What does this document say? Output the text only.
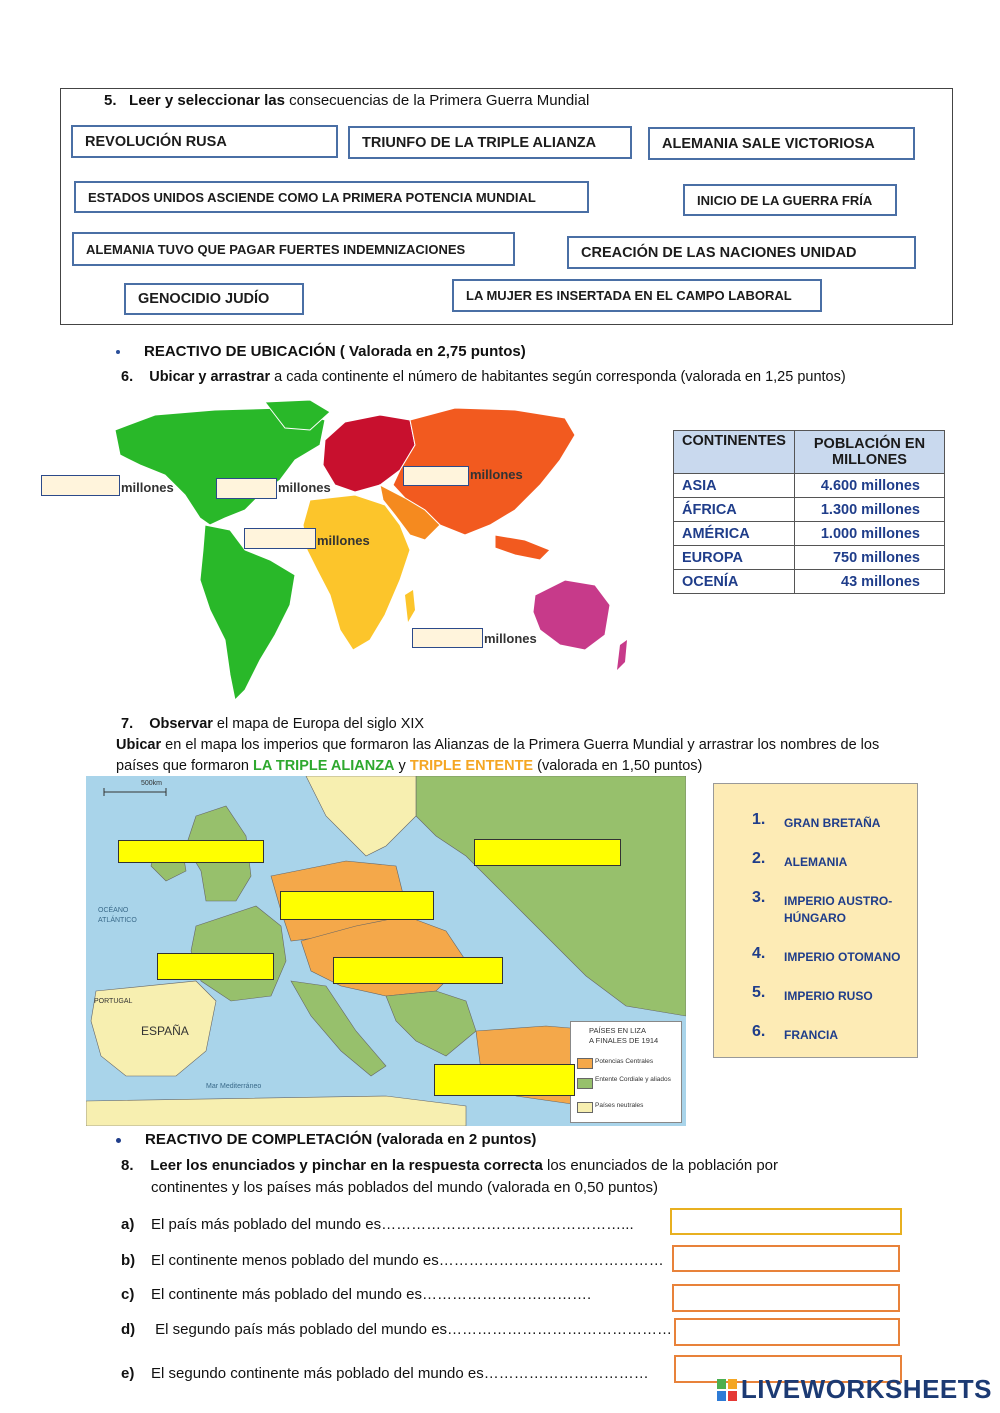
5. Leer y seleccionar las consecuencias de la Primera Guerra Mundial
REVOLUCIÓN RUSA	TRIUNFO DE LA TRIPLE ALIANZA	ALEMANIA SALE VICTORIOSA
ESTADOS UNIDOS ASCIENDE COMO LA PRIMERA POTENCIA MUNDIAL	INICIO DE LA GUERRA FRÍA
ALEMANIA TUVO QUE PAGAR FUERTES INDEMNIZACIONES	CREACIÓN DE LAS NACIONES UNIDAD
GENOCIDIO JUDÍO	LA MUJER ES INSERTADA EN EL CAMPO LABORAL
REACTIVO DE UBICACIÓN ( Valorada en 2,75 puntos)
6. Ubicar y arrastrar a cada continente el número de habitantes según corresponda (valorada en 1,25 puntos)
millones	millones
millones
millones
millones
CONTINENTES	POBLACIÓN EN MILLONES
ASIA	4.600 millones
ÁFRICA	1.300 millones
AMÉRICA	1.000 millones
EUROPA	750 millones
OCENÍA	43 millones
7. Observar el mapa de Europa del siglo XIX
Ubicar en el mapa los imperios que formaron las Alianzas de la Primera Guerra Mundial y arrastrar los nombres de los
países que formaron LA TRIPLE ALIANZA y TRIPLE ENTENTE (valorada en 1,50 puntos)
500km
OCÉANO
ATLÁNTICO
ESPAÑA
PORTUGAL
Mar Mediterráneo
PAÍSES EN LIZA
A FINALES DE 1914
Potencias Centrales
Entente Cordiale y aliados
Países neutrales
1. GRAN BRETAÑA
2. ALEMANIA
3. IMPERIO AUSTRO-HÚNGARO
4. IMPERIO OTOMANO
5. IMPERIO RUSO
6. FRANCIA
REACTIVO DE COMPLETACIÓN (valorada en 2 puntos)
8. Leer los enunciados y pinchar en la respuesta correcta los enunciados de la población por
continentes y los países más poblados del mundo (valorada en 0,50 puntos)
a) El país más poblado del mundo es…………………………………………...
b) El continente menos poblado del mundo es………………………………………
c) El continente más poblado del mundo es…………………………….
d) El segundo país más poblado del mundo es………………………………………
e) El segundo continente más poblado del mundo es……………………………
LIVEWORKSHEETS
